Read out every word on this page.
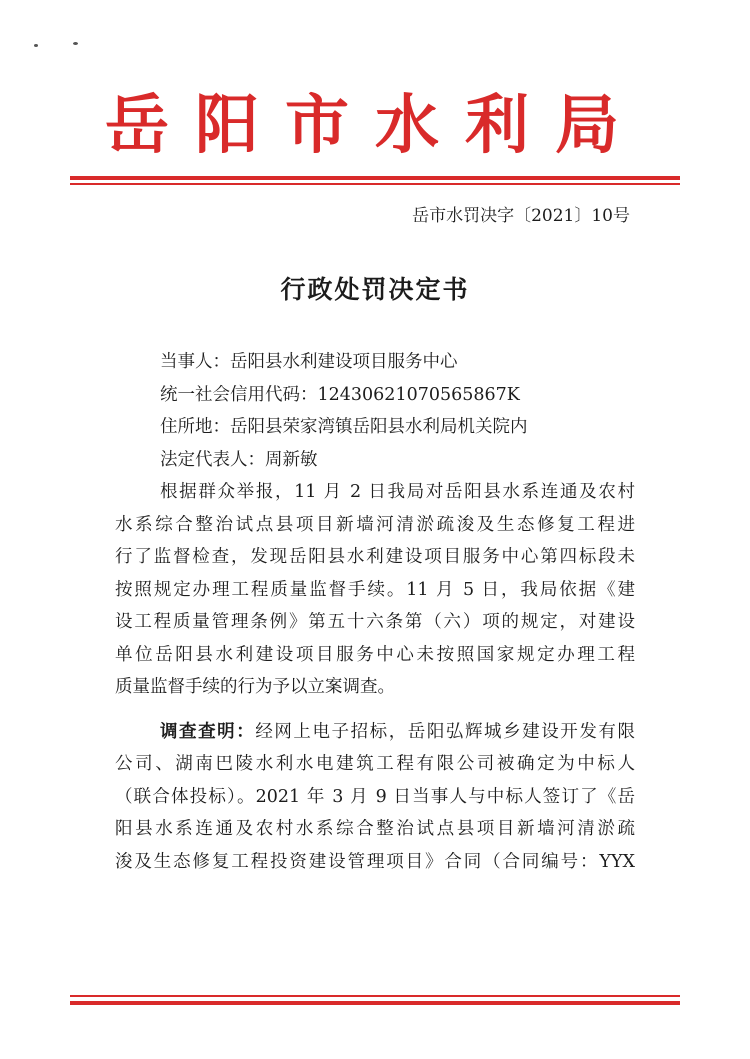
岳阳市水利局
岳市水罚决字〔2021〕10号
行政处罚决定书
当事人：岳阳县水利建设项目服务中心
统一社会信用代码：12430621070565867K
住所地：岳阳县荣家湾镇岳阳县水利局机关院内
法定代表人：周新敏
根据群众举报，11 月 2 日我局对岳阳县水系连通及农村
水系综合整治试点县项目新墙河清淤疏浚及生态修复工程进
行了监督检查，发现岳阳县水利建设项目服务中心第四标段未
按照规定办理工程质量监督手续。11 月 5 日，我局依据《建
设工程质量管理条例》第五十六条第（六）项的规定，对建设
单位岳阳县水利建设项目服务中心未按照国家规定办理工程
质量监督手续的行为予以立案调查。
调查查明：经网上电子招标，岳阳弘辉城乡建设开发有限
公司、湖南巴陵水利水电建筑工程有限公司被确定为中标人
（联合体投标）。2021 年 3 月 9 日当事人与中标人签订了《岳
阳县水系连通及农村水系综合整治试点县项目新墙河清淤疏
浚及生态修复工程投资建设管理项目》合同（合同编号：YYX
